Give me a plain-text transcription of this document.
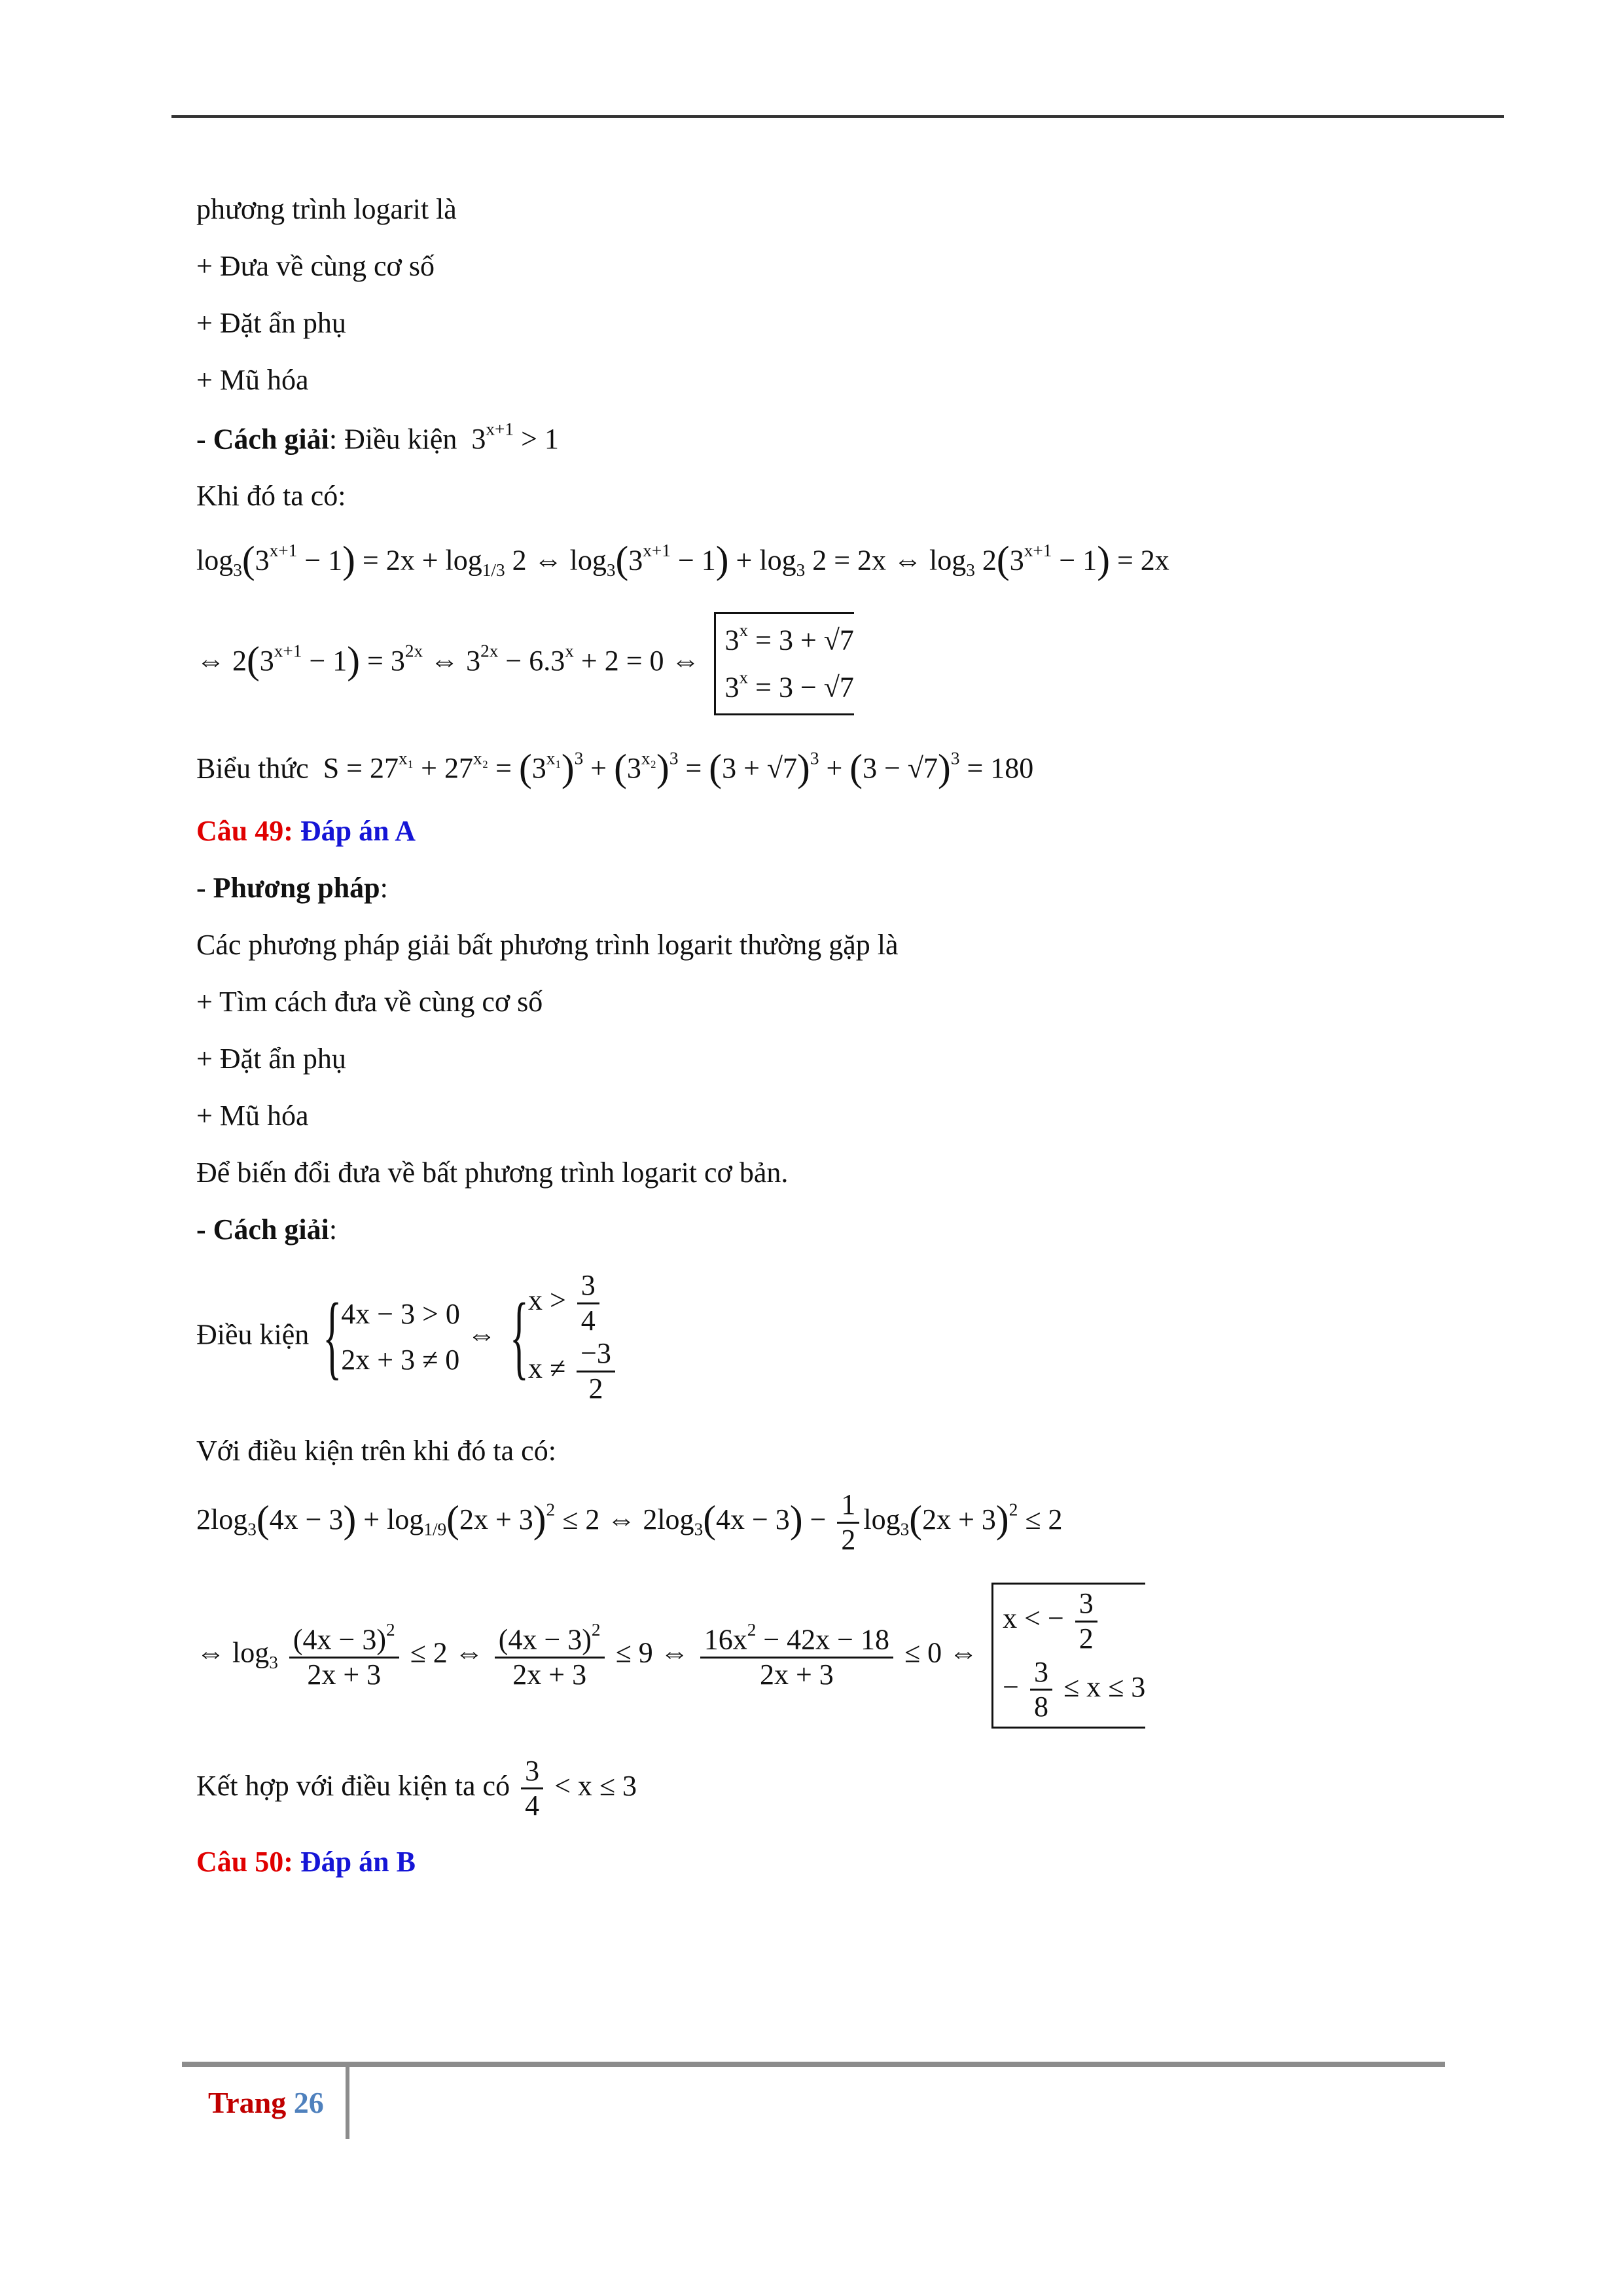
phương trình logarit là

+ Đưa về cùng cơ số

+ Đặt ẩn phụ

+ Mũ hóa

- Cách giải: Điều kiện  $3^{x+1} > 1$

Khi đó ta có:

$\log_3(3^{x+1} - 1) = 2x + \log_{1/3} 2$ ⇔ $\log_3(3^{x+1} - 1) + \log_3 2 = 2x$ ⇔ $\log_3 2(3^{x+1} - 1) = 2x$
⇔ $2(3^{x+1} - 1) = 3^{2x}$ ⇔ $3^{2x} - 6.3^x + 2 = 0$ ⇔
$3^x = 3 + √7$
$3^x = 3 - √7$

Biểu thức  $S = 27^{x_1} + 27^{x_2} = (3^{x_1})^3 + (3^{x_2})^3 = (3 + √7)^3 + (3 - √7)^3 = 180$

Câu 49: Đáp án A

- Phương pháp:

Các phương pháp giải bất phương trình logarit thường gặp là

+ Tìm cách đưa về cùng cơ số

+ Đặt ẩn phụ

+ Mũ hóa

Để biến đổi đưa về bất phương trình logarit cơ bản.

- Cách giải:

Điều kiện
{ 4x − 3 > 0
2x + 3 ≠ 0
⇔
{ $x > \frac{3}{4}$
$x \ne \frac{-3}{2}$

Với điều kiện trên khi đó ta có:

$2\log_3(4x - 3) + \log_{1/9}(2x + 3)^2 \le 2$ ⇔ $2\log_3(4x - 3) - \frac{1}{2} \log_3(2x + 3)^2 \le 2$
⇔ $\log_3 \frac{(4x - 3)^2}{2x + 3} \le 2$ ⇔ $\frac{(4x - 3)^2}{2x + 3} \le 9$ ⇔ $\frac{16x^2 - 42x - 18}{2x + 3} \le 0$ ⇔
x < − $\frac{3}{2}$
− $\frac{3}{8} \le x \le 3$

Kết hợp với điều kiện ta có $\frac{3}{4} < x \le 3$

Câu 50: Đáp án B

Trang 26
